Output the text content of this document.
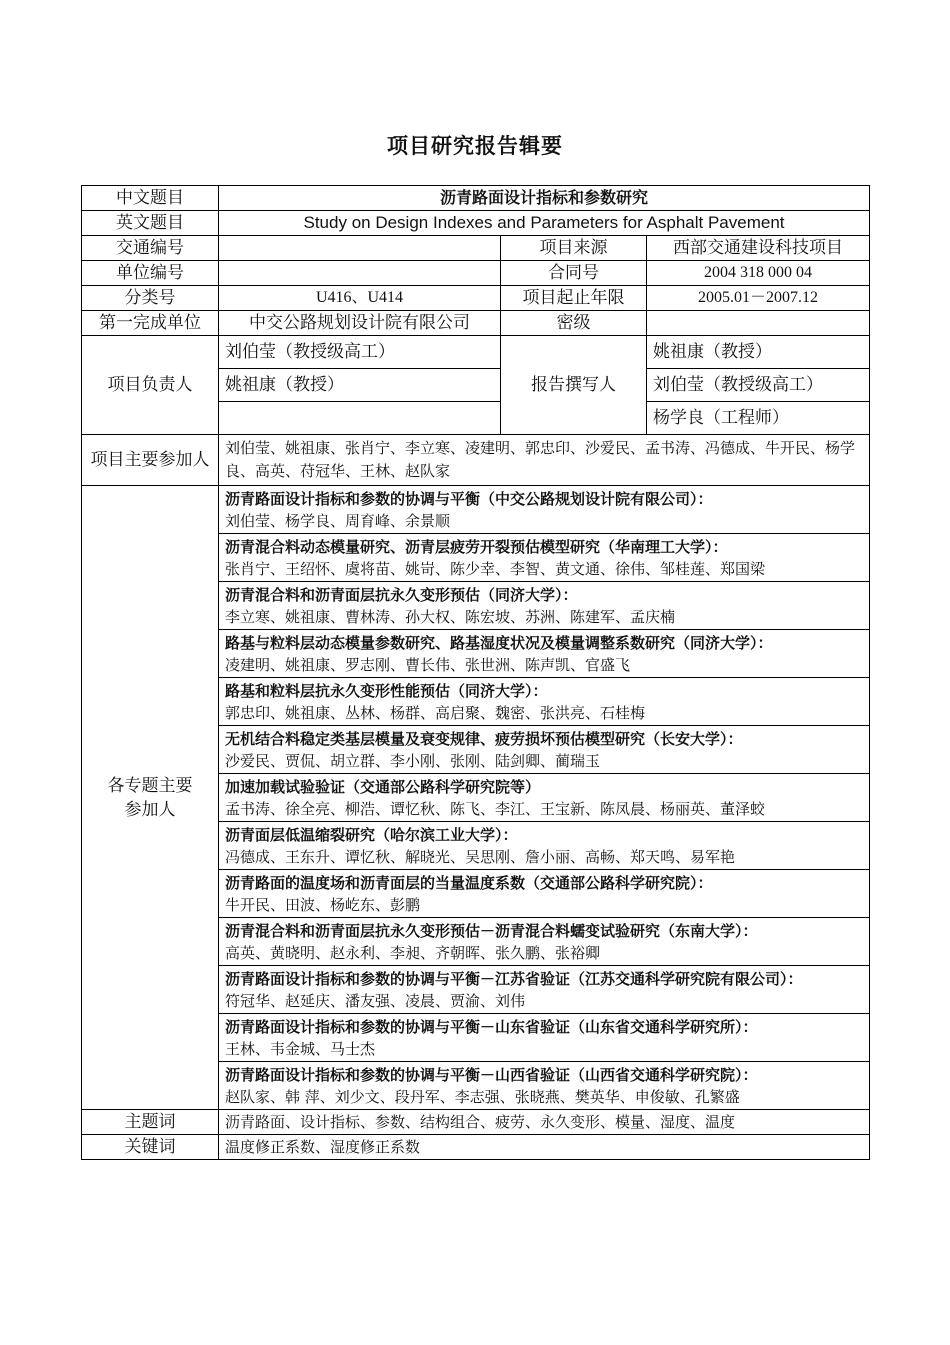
项目研究报告辑要
中文题目	沥青路面设计指标和参数研究		
英文题目	Study on Design Indexes and Parameters for Asphalt Pavement		
交通编号		项目来源	西部交通建设科技项目
单位编号		合同号	2004 318 000 04
分类号	U416、U414	项目起止年限	2005.01－2007.12
第一完成单位	中交公路规划设计院有限公司	密级	
项目负责人	刘伯莹（教授级高工）	报告撰写人	姚祖康（教授）
	姚祖康（教授）		刘伯莹（教授级高工）
			杨学良（工程师）
项目主要参加人	刘伯莹、姚祖康、张肖宁、李立寒、凌建明、郭忠印、沙爱民、孟书涛、冯德成、牛开民、杨学良、高英、苻冠华、王林、赵队家		
各专题主要参加人	沥青路面设计指标和参数的协调与平衡（中交公路规划设计院有限公司）：
刘伯莹、杨学良、周育峰、余景顺		

	沥青混合料动态模量研究、沥青层疲劳开裂预估模型研究（华南理工大学）：
张肖宁、王绍怀、虞将苗、姚岢、陈少幸、李智、黄文通、徐伟、邹桂莲、郑国梁		

	沥青混合料和沥青面层抗永久变形预估（同济大学）：
李立寒、姚祖康、曹林涛、孙大权、陈宏坡、苏洲、陈建军、孟庆楠		

	路基与粒料层动态模量参数研究、路基湿度状况及模量调整系数研究（同济大学）：
凌建明、姚祖康、罗志刚、曹长伟、张世洲、陈声凯、官盛飞		

	路基和粒料层抗永久变形性能预估（同济大学）：
郭忠印、姚祖康、丛林、杨群、高启聚、魏密、张洪亮、石桂梅		

	无机结合料稳定类基层模量及衰变规律、疲劳损坏预估模型研究（长安大学）：
沙爱民、贾侃、胡立群、李小刚、张刚、陆剑卿、蔺瑞玉		

	加速加载试验验证（交通部公路科学研究院等）
孟书涛、徐全亮、柳浩、谭忆秋、陈飞、李江、王宝新、陈凤晨、杨丽英、董泽蛟		

	沥青面层低温缩裂研究（哈尔滨工业大学）：
冯德成、王东升、谭忆秋、解晓光、吴思刚、詹小丽、高畅、郑天鸣、易军艳		

	沥青路面的温度场和沥青面层的当量温度系数（交通部公路科学研究院）：
牛开民、田波、杨屹东、彭鹏		

	沥青混合料和沥青面层抗永久变形预估－沥青混合料蠕变试验研究（东南大学）：
高英、黄晓明、赵永利、李昶、齐朝晖、张久鹏、张裕卿		

	沥青路面设计指标和参数的协调与平衡－江苏省验证（江苏交通科学研究院有限公司）：
符冠华、赵延庆、潘友强、凌晨、贾渝、刘伟		

	沥青路面设计指标和参数的协调与平衡－山东省验证（山东省交通科学研究所）：
王林、韦金城、马士杰		

	沥青路面设计指标和参数的协调与平衡－山西省验证（山西省交通科学研究院）：
赵队家、韩 萍、刘少文、段丹军、李志强、张晓燕、樊英华、申俊敏、孔繁盛		

主题词	沥青路面、设计指标、参数、结构组合、疲劳、永久变形、模量、湿度、温度		
关键词	温度修正系数、湿度修正系数		
